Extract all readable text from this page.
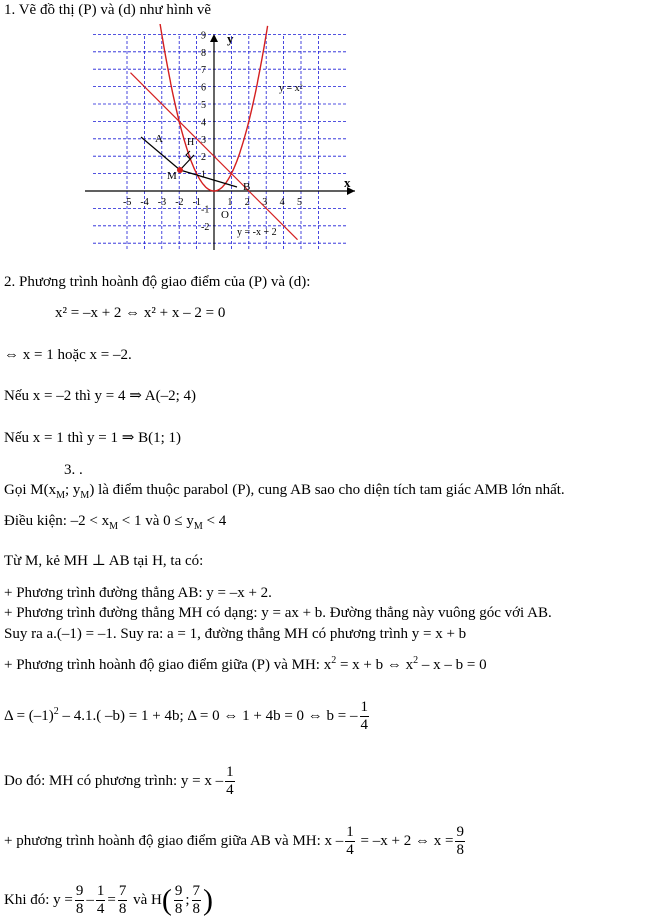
1. Vẽ đồ thị (P) và (d) như hình vẽ
-5 -4 -3 -2 -1	1 2 3 4 5
9
8
7
6
5
4
3
2
1
-1
-2
M
A H
B
O
x
y
y = x²
y = -x + 2
2. Phương trình hoành độ giao điểm của (P) và (d):
x² = –x + 2 ⇔ x² + x – 2 = 0
⇔ x = 1 hoặc x = –2.
Nếu x = –2 thì y = 4 ⇒ A(–2; 4)
Nếu x = 1 thì y = 1 ⇒ B(1; 1)
3. .
Gọi $M(x_M$; $y_M$) là điểm thuộc parabol (P), cung AB sao cho diện tích tam giác AMB lớn nhất.
Điều kiện: $-2 < x_M < 1$ và $0 \le y_M < 4$
Từ M, kẻ MH ⊥ AB tại H, ta có:
+ Phương trình đường thẳng AB: y = –x + 2.
+ Phương trình đường thẳng MH có dạng: y = ax + b. Đường thẳng này vuông góc với AB.
Suy ra a.(–1) = –1. Suy ra: a = 1, đường thẳng MH có phương trình y = x + b
+ Phương trình hoành độ giao điểm giữa (P) và MH: $x^2 = x + b$ ⇔ $x^2 - x - b = 0$
$\Delta = (-1)^2 - 4.1$.( –b) = 1 + 4b; Δ = 0 ⇔ 1 + 4b = 0 ⇔ b = – $\frac{1}{4}$
Do đó: MH có phương trình: $y = x - \frac{1}{4}$
+ phương trình hoành độ giao điểm giữa AB và MH: $x - \frac{1}{4} = -x + 2$ ⇔ $x = \frac{9}{8}$
Khi đó: $y = \frac{9}{8} - \frac{1}{4} = \frac{7}{8}$ và $H( \frac{9}{8}$ ; $\frac{7}{8}$ )
